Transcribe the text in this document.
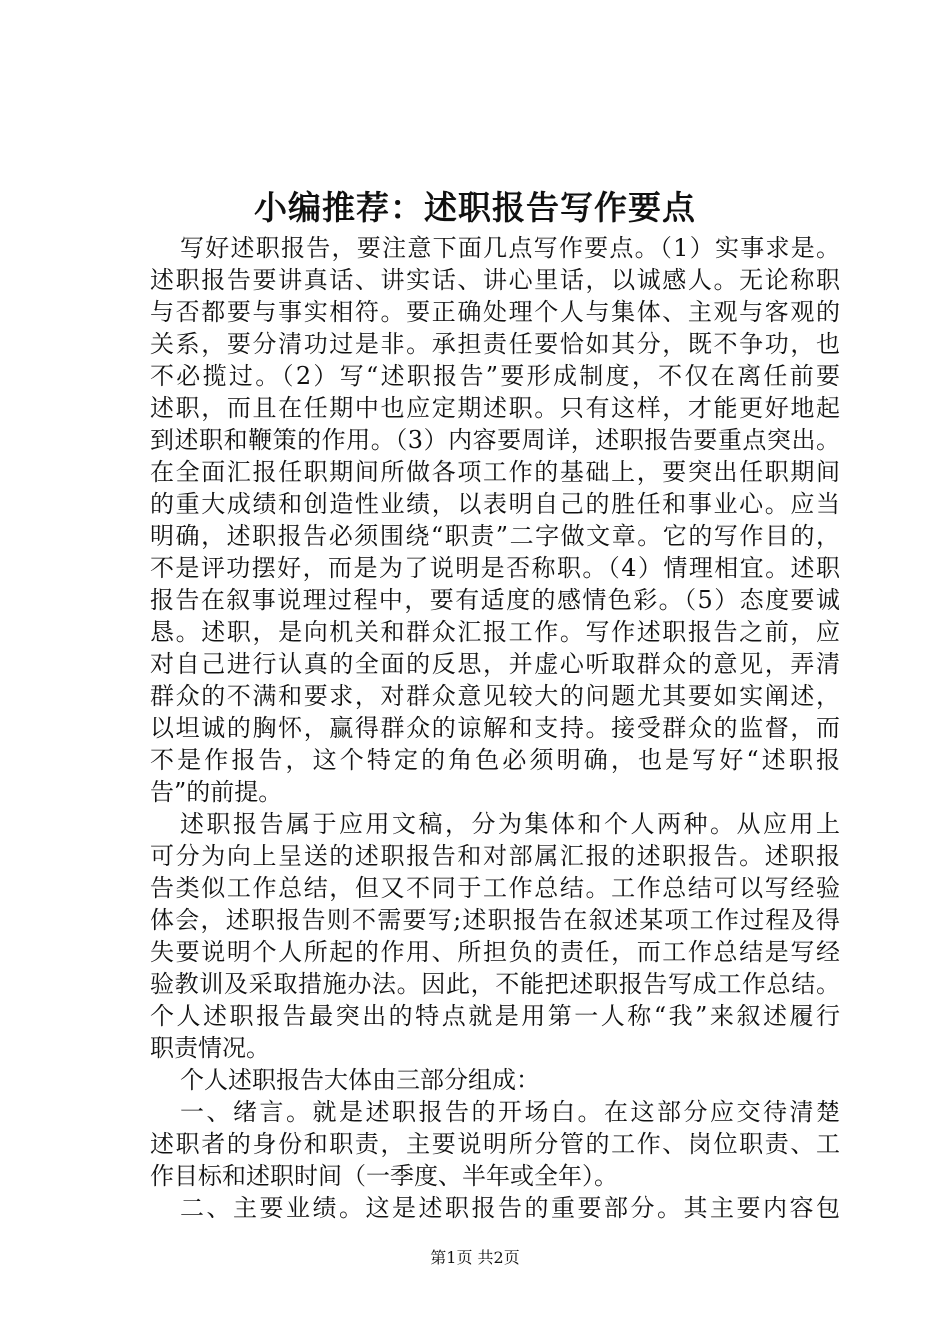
小编推荐：述职报告写作要点
写好述职报告，要注意下面几点写作要点。（1）实事求是。
述职报告要讲真话、讲实话、讲心里话，以诚感人。无论称职
与否都要与事实相符。要正确处理个人与集体、主观与客观的
关系，要分清功过是非。承担责任要恰如其分，既不争功，也
不必揽过。（2）写“述职报告”要形成制度，不仅在离任前要
述职，而且在任期中也应定期述职。只有这样，才能更好地起
到述职和鞭策的作用。（3）内容要周详，述职报告要重点突出。
在全面汇报任职期间所做各项工作的基础上，要突出任职期间
的重大成绩和创造性业绩，以表明自己的胜任和事业心。应当
明确，述职报告必须围绕“职责”二字做文章。它的写作目的，
不是评功摆好，而是为了说明是否称职。（4）情理相宜。述职
报告在叙事说理过程中，要有适度的感情色彩。（5）态度要诚
恳。述职，是向机关和群众汇报工作。写作述职报告之前，应
对自己进行认真的全面的反思，并虚心听取群众的意见，弄清
群众的不满和要求，对群众意见较大的问题尤其要如实阐述，
以坦诚的胸怀，赢得群众的谅解和支持。接受群众的监督，而
不是作报告，这个特定的角色必须明确，也是写好“述职报
告”的前提。
述职报告属于应用文稿，分为集体和个人两种。从应用上
可分为向上呈送的述职报告和对部属汇报的述职报告。述职报
告类似工作总结，但又不同于工作总结。工作总结可以写经验
体会，述职报告则不需要写;述职报告在叙述某项工作过程及得
失要说明个人所起的作用、所担负的责任，而工作总结是写经
验教训及采取措施办法。因此，不能把述职报告写成工作总结。
个人述职报告最突出的特点就是用第一人称“我”来叙述履行
职责情况。
个人述职报告大体由三部分组成：
一、绪言。就是述职报告的开场白。在这部分应交待清楚
述职者的身份和职责，主要说明所分管的工作、岗位职责、工
作目标和述职时间（一季度、半年或全年）。
二、主要业绩。这是述职报告的重要部分。其主要内容包
第1页 共2页
